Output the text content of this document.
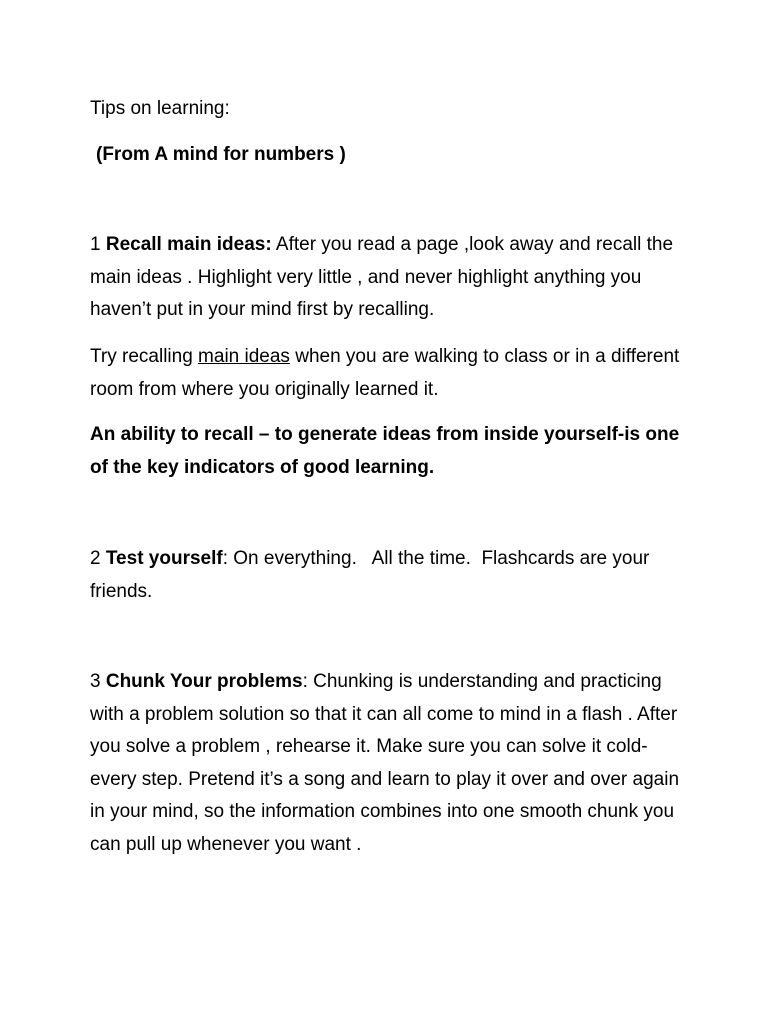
Tips on learning:

(From A mind for numbers )

1 Recall main ideas: After you read a page ,look away and recall the main ideas . Highlight very little , and never highlight anything you haven’t put in your mind first by recalling.

Try recalling main ideas when you are walking to class or in a different room from where you originally learned it.

An ability to recall – to generate ideas from inside yourself-is one of the key indicators of good learning.

2 Test yourself: On everything.   All the time.  Flashcards are your friends.

3 Chunk Your problems: Chunking is understanding and practicing with a problem solution so that it can all come to mind in a flash . After you solve a problem , rehearse it. Make sure you can solve it cold-every step. Pretend it’s a song and learn to play it over and over again in your mind, so the information combines into one smooth chunk you can pull up whenever you want .
